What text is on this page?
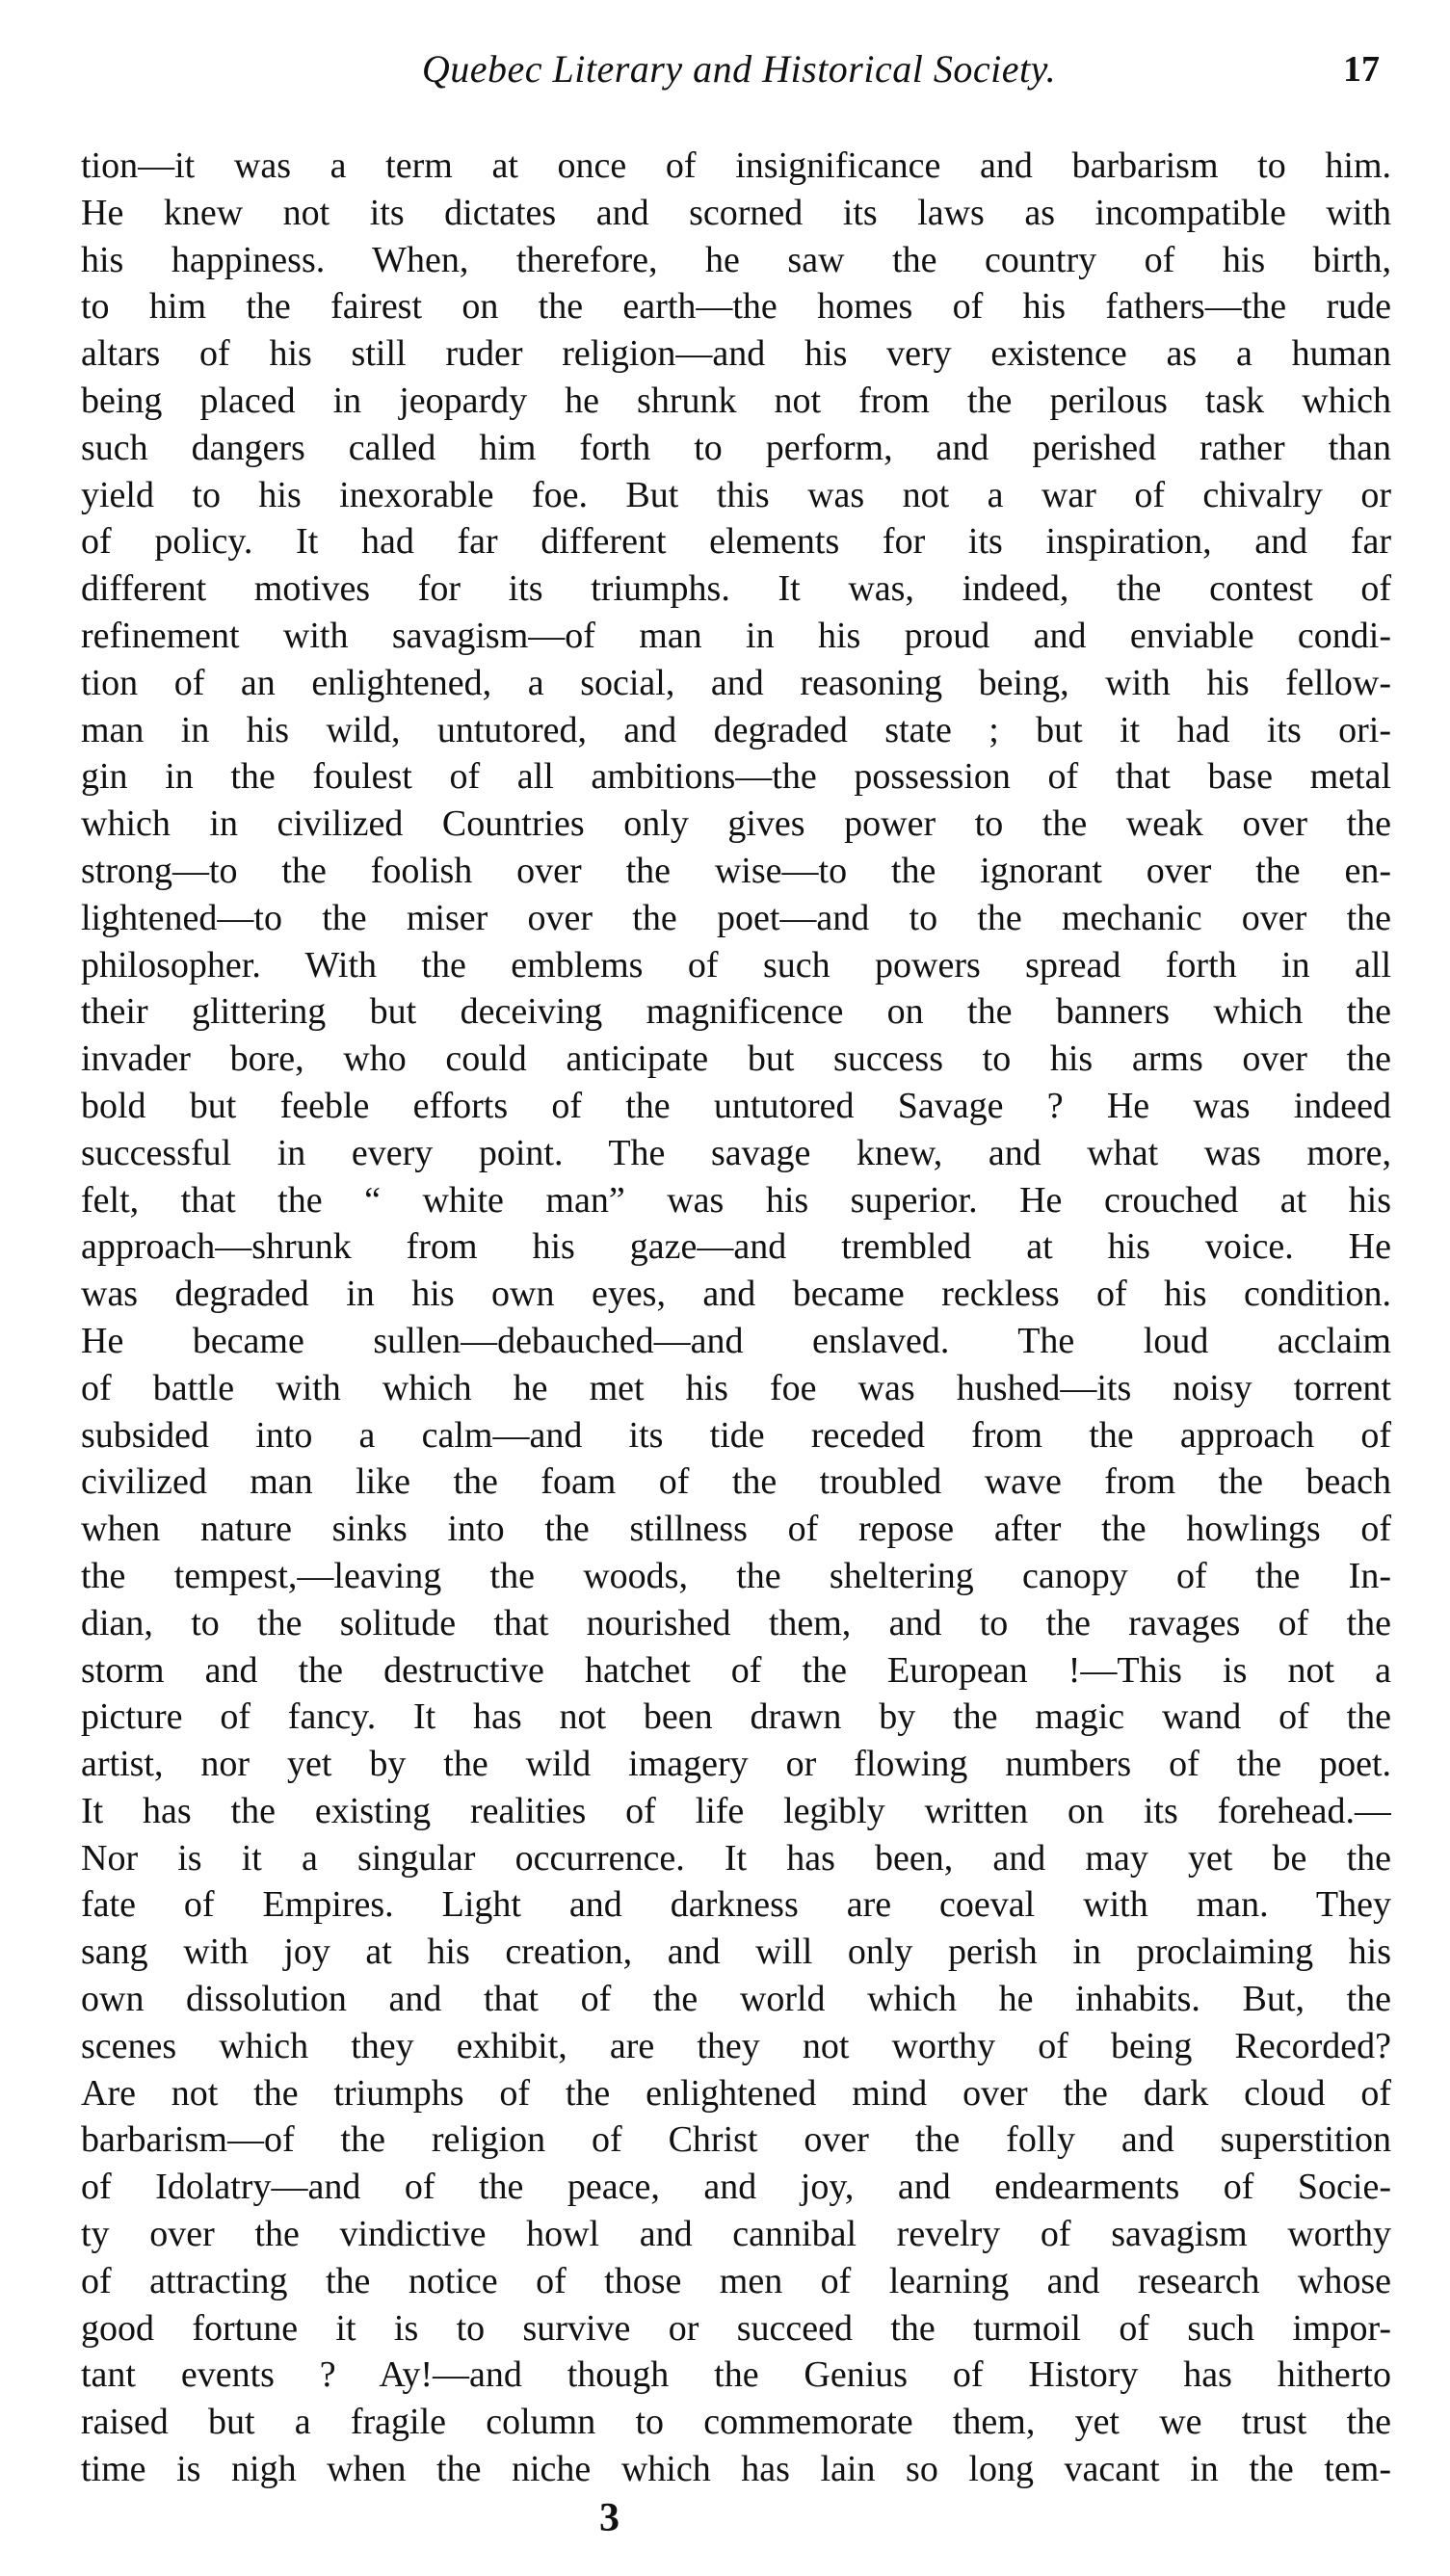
Quebec Literary and Historical Society.	17
tion—it was a term at once of insignificance and barbarism to him.
He knew not its dictates and scorned its laws as incompatible with
his happiness. When, therefore, he saw the country of his birth,
to him the fairest on the earth—the homes of his fathers—the rude
altars of his still ruder religion—and his very existence as a human
being placed in jeopardy he shrunk not from the perilous task which
such dangers called him forth to perform, and perished rather than
yield to his inexorable foe. But this was not a war of chivalry or
of policy. It had far different elements for its inspiration, and far
different motives for its triumphs. It was, indeed, the contest of
refinement with savagism—of man in his proud and enviable condi-
tion of an enlightened, a social, and reasoning being, with his fellow-
man in his wild, untutored, and degraded state ; but it had its ori-
gin in the foulest of all ambitions—the possession of that base metal
which in civilized Countries only gives power to the weak over the
strong—to the foolish over the wise—to the ignorant over the en-
lightened—to the miser over the poet—and to the mechanic over the
philosopher. With the emblems of such powers spread forth in all
their glittering but deceiving magnificence on the banners which the
invader bore, who could anticipate but success to his arms over the
bold but feeble efforts of the untutored Savage ? He was indeed
successful in every point. The savage knew, and what was more,
felt, that the “ white man” was his superior. He crouched at his
approach—shrunk from his gaze—and trembled at his voice. He
was degraded in his own eyes, and became reckless of his condition.
He became sullen—debauched—and enslaved. The loud acclaim
of battle with which he met his foe was hushed—its noisy torrent
subsided into a calm—and its tide receded from the approach of
civilized man like the foam of the troubled wave from the beach
when nature sinks into the stillness of repose after the howlings of
the tempest,—leaving the woods, the sheltering canopy of the In-
dian, to the solitude that nourished them, and to the ravages of the
storm and the destructive hatchet of the European !—This is not a
picture of fancy. It has not been drawn by the magic wand of the
artist, nor yet by the wild imagery or flowing numbers of the poet.
It has the existing realities of life legibly written on its forehead.—
Nor is it a singular occurrence. It has been, and may yet be the
fate of Empires. Light and darkness are coeval with man. They
sang with joy at his creation, and will only perish in proclaiming his
own dissolution and that of the world which he inhabits. But, the
scenes which they exhibit, are they not worthy of being Recorded?
Are not the triumphs of the enlightened mind over the dark cloud of
barbarism—of the religion of Christ over the folly and superstition
of Idolatry—and of the peace, and joy, and endearments of Socie-
ty over the vindictive howl and cannibal revelry of savagism worthy
of attracting the notice of those men of learning and research whose
good fortune it is to survive or succeed the turmoil of such impor-
tant events ? Ay!—and though the Genius of History has hitherto
raised but a fragile column to commemorate them, yet we trust the
time is nigh when the niche which has lain so long vacant in the tem-
3
